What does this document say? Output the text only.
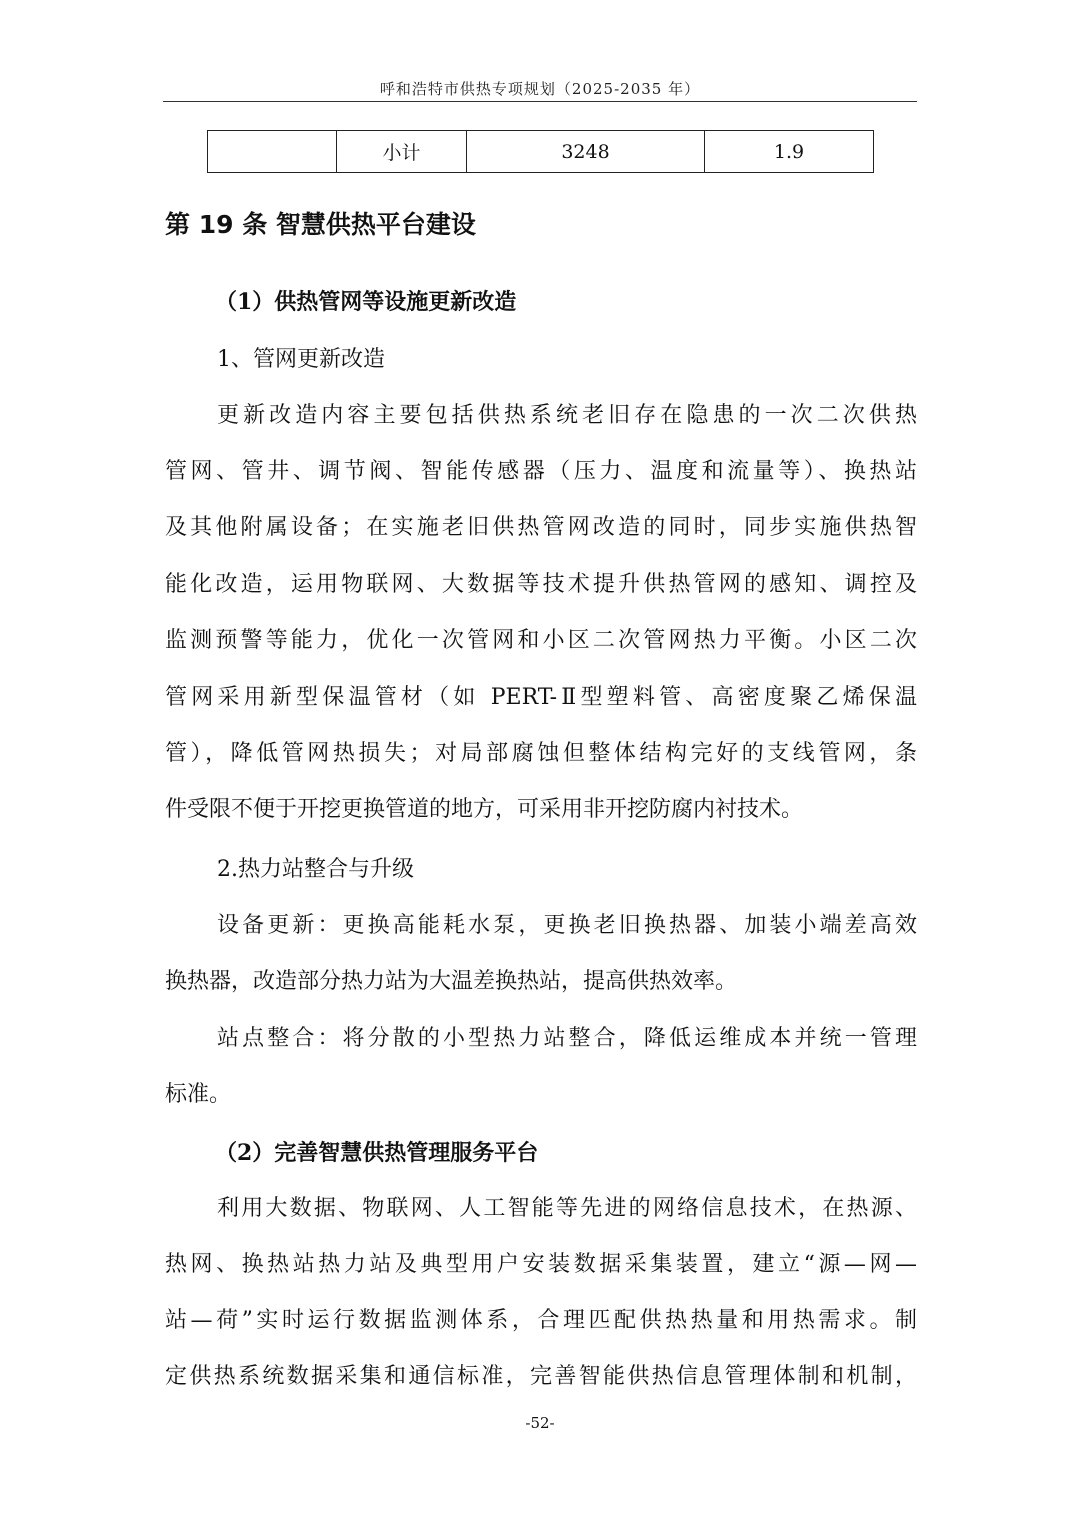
呼和浩特市供热专项规划（2025-2035 年）
	小计	3248	1.9
第 19 条 智慧供热平台建设
（1）供热管网等设施更新改造
1、管网更新改造
更新改造内容主要包括供热系统老旧存在隐患的一次二次供热
管网、管井、调节阀、智能传感器（压力、温度和流量等）、换热站
及其他附属设备；在实施老旧供热管网改造的同时，同步实施供热智
能化改造，运用物联网、大数据等技术提升供热管网的感知、调控及
监测预警等能力，优化一次管网和小区二次管网热力平衡。小区二次
管网采用新型保温管材（如 PERT-Ⅱ型塑料管、高密度聚乙烯保温
管），降低管网热损失；对局部腐蚀但整体结构完好的支线管网，条
件受限不便于开挖更换管道的地方，可采用非开挖防腐内衬技术。
2.热力站整合与升级
设备更新：更换高能耗水泵，更换老旧换热器、加装小端差高效
换热器，改造部分热力站为大温差换热站，提高供热效率。
站点整合：将分散的小型热力站整合，降低运维成本并统一管理
标准。
（2）完善智慧供热管理服务平台
利用大数据、物联网、人工智能等先进的网络信息技术，在热源、
热网、换热站热力站及典型用户安装数据采集装置，建立“源—网—
站—荷”实时运行数据监测体系，合理匹配供热热量和用热需求。制
定供热系统数据采集和通信标准，完善智能供热信息管理体制和机制，
-52-
